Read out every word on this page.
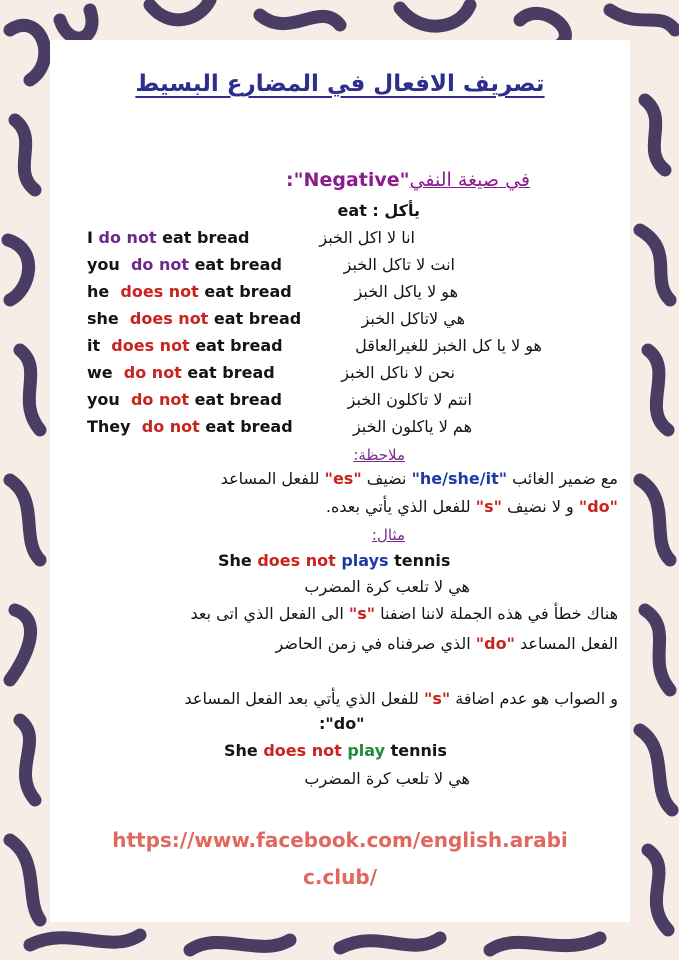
تصريف الافعال في المضارع البسيط
في صيغة النفي"Negative":
يأكل : eat
I do not eat bread	انا لا اكل الخبز
you do not eat bread	انت لا تاكل الخبز
he does not eat bread	هو لا ياكل الخبز
she does not eat bread	هي لاتاكل الخبز
it does not eat bread	هو لا يا كل الخبز للغيرالعاقل
we do not eat bread	نحن لا ناكل الخبز
you do not eat bread	انتم لا تاكلون الخبز
They do not eat bread	هم لا ياكلون الخبز
ملاحظة:
مع ضمير الغائب "he/she/it" نضيف "es" للفعل المساعد
"do" و لا نضيف "s" للفعل الذي يأتي بعده.
مثال:
She does not plays tennis
هي لا تلعب كرة المضرب
هناك خطأ في هذه الجملة لاننا اضفنا "s" الى الفعل الذي اتى بعد
الفعل المساعد "do" الذي صرفناه في زمن الحاضر
و الصواب هو عدم اضافة "s" للفعل الذي يأتي بعد الفعل المساعد
:"do"
She does not play tennis
هي لا تلعب كرة المضرب
https://www.facebook.com/english.arabi
c.club/
